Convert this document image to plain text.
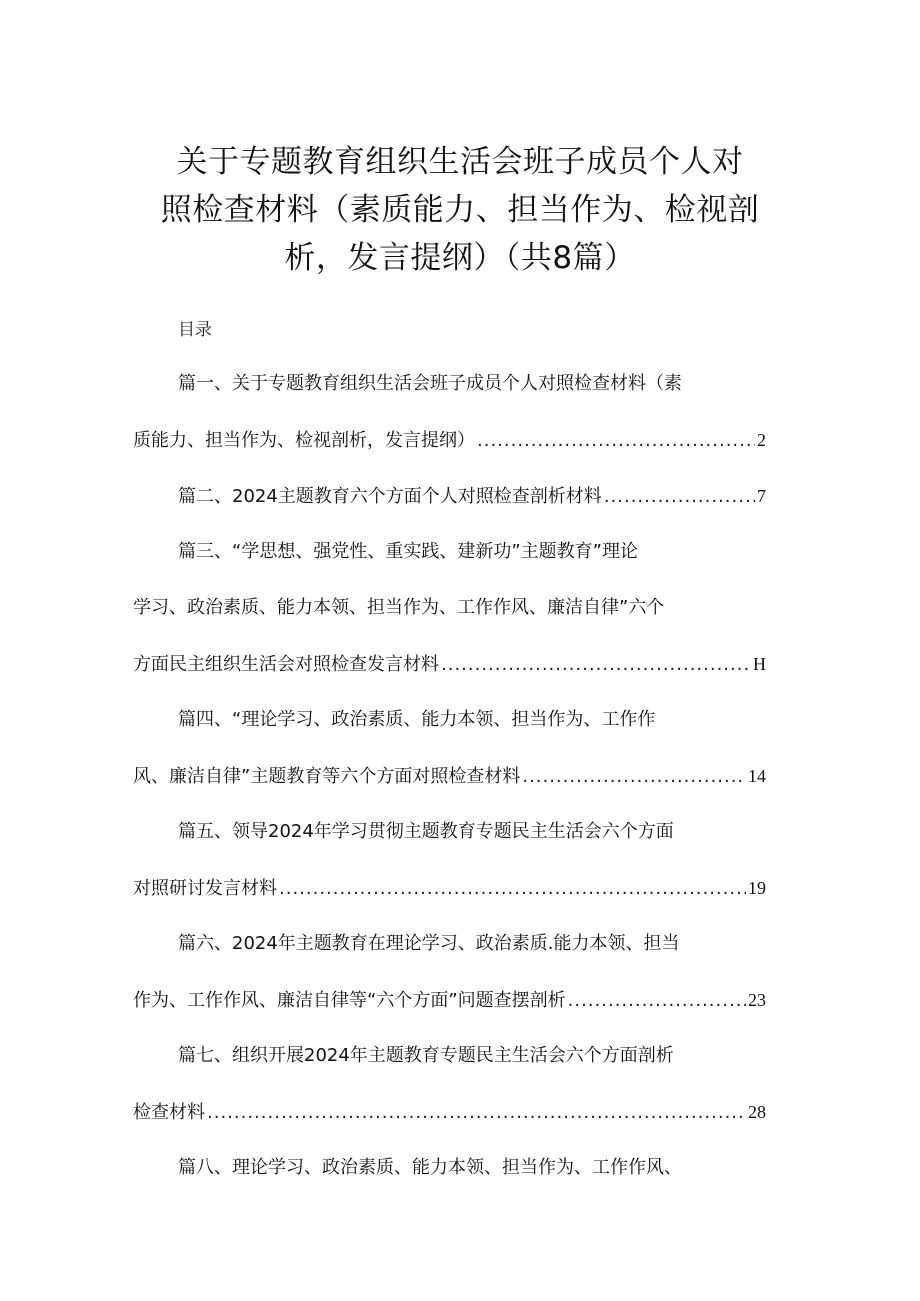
关于专题教育组织生活会班子成员个人对
照检查材料（素质能力、担当作为、检视剖
析，发言提纲）（共8篇）
目录
篇一、关于专题教育组织生活会班子成员个人对照检查材料（素
质能力、担当作为、检视剖析，发言提纲） .....	2
篇二、2024主题教育六个方面个人对照检查剖析材料 .....	7
篇三、“学思想、强党性、重实践、建新功”主题教育”理论
学习、政治素质、能力本领、担当作为、工作作风、廉洁自律”六个
方面民主组织生活会对照检查发言材料 .....	H
篇四、“理论学习、政治素质、能力本领、担当作为、工作作
风、廉洁自律”主题教育等六个方面对照检查材料 .....	14
篇五、领导2024年学习贯彻主题教育专题民主生活会六个方面
对照研讨发言材料 .....	19
篇六、2024年主题教育在理论学习、政治素质.能力本领、担当
作为、工作作风、廉洁自律等“六个方面”问题查摆剖析 .....	23
篇七、组织开展2024年主题教育专题民主生活会六个方面剖析
检查材料 .....	28
篇八、理论学习、政治素质、能力本领、担当作为、工作作风、
